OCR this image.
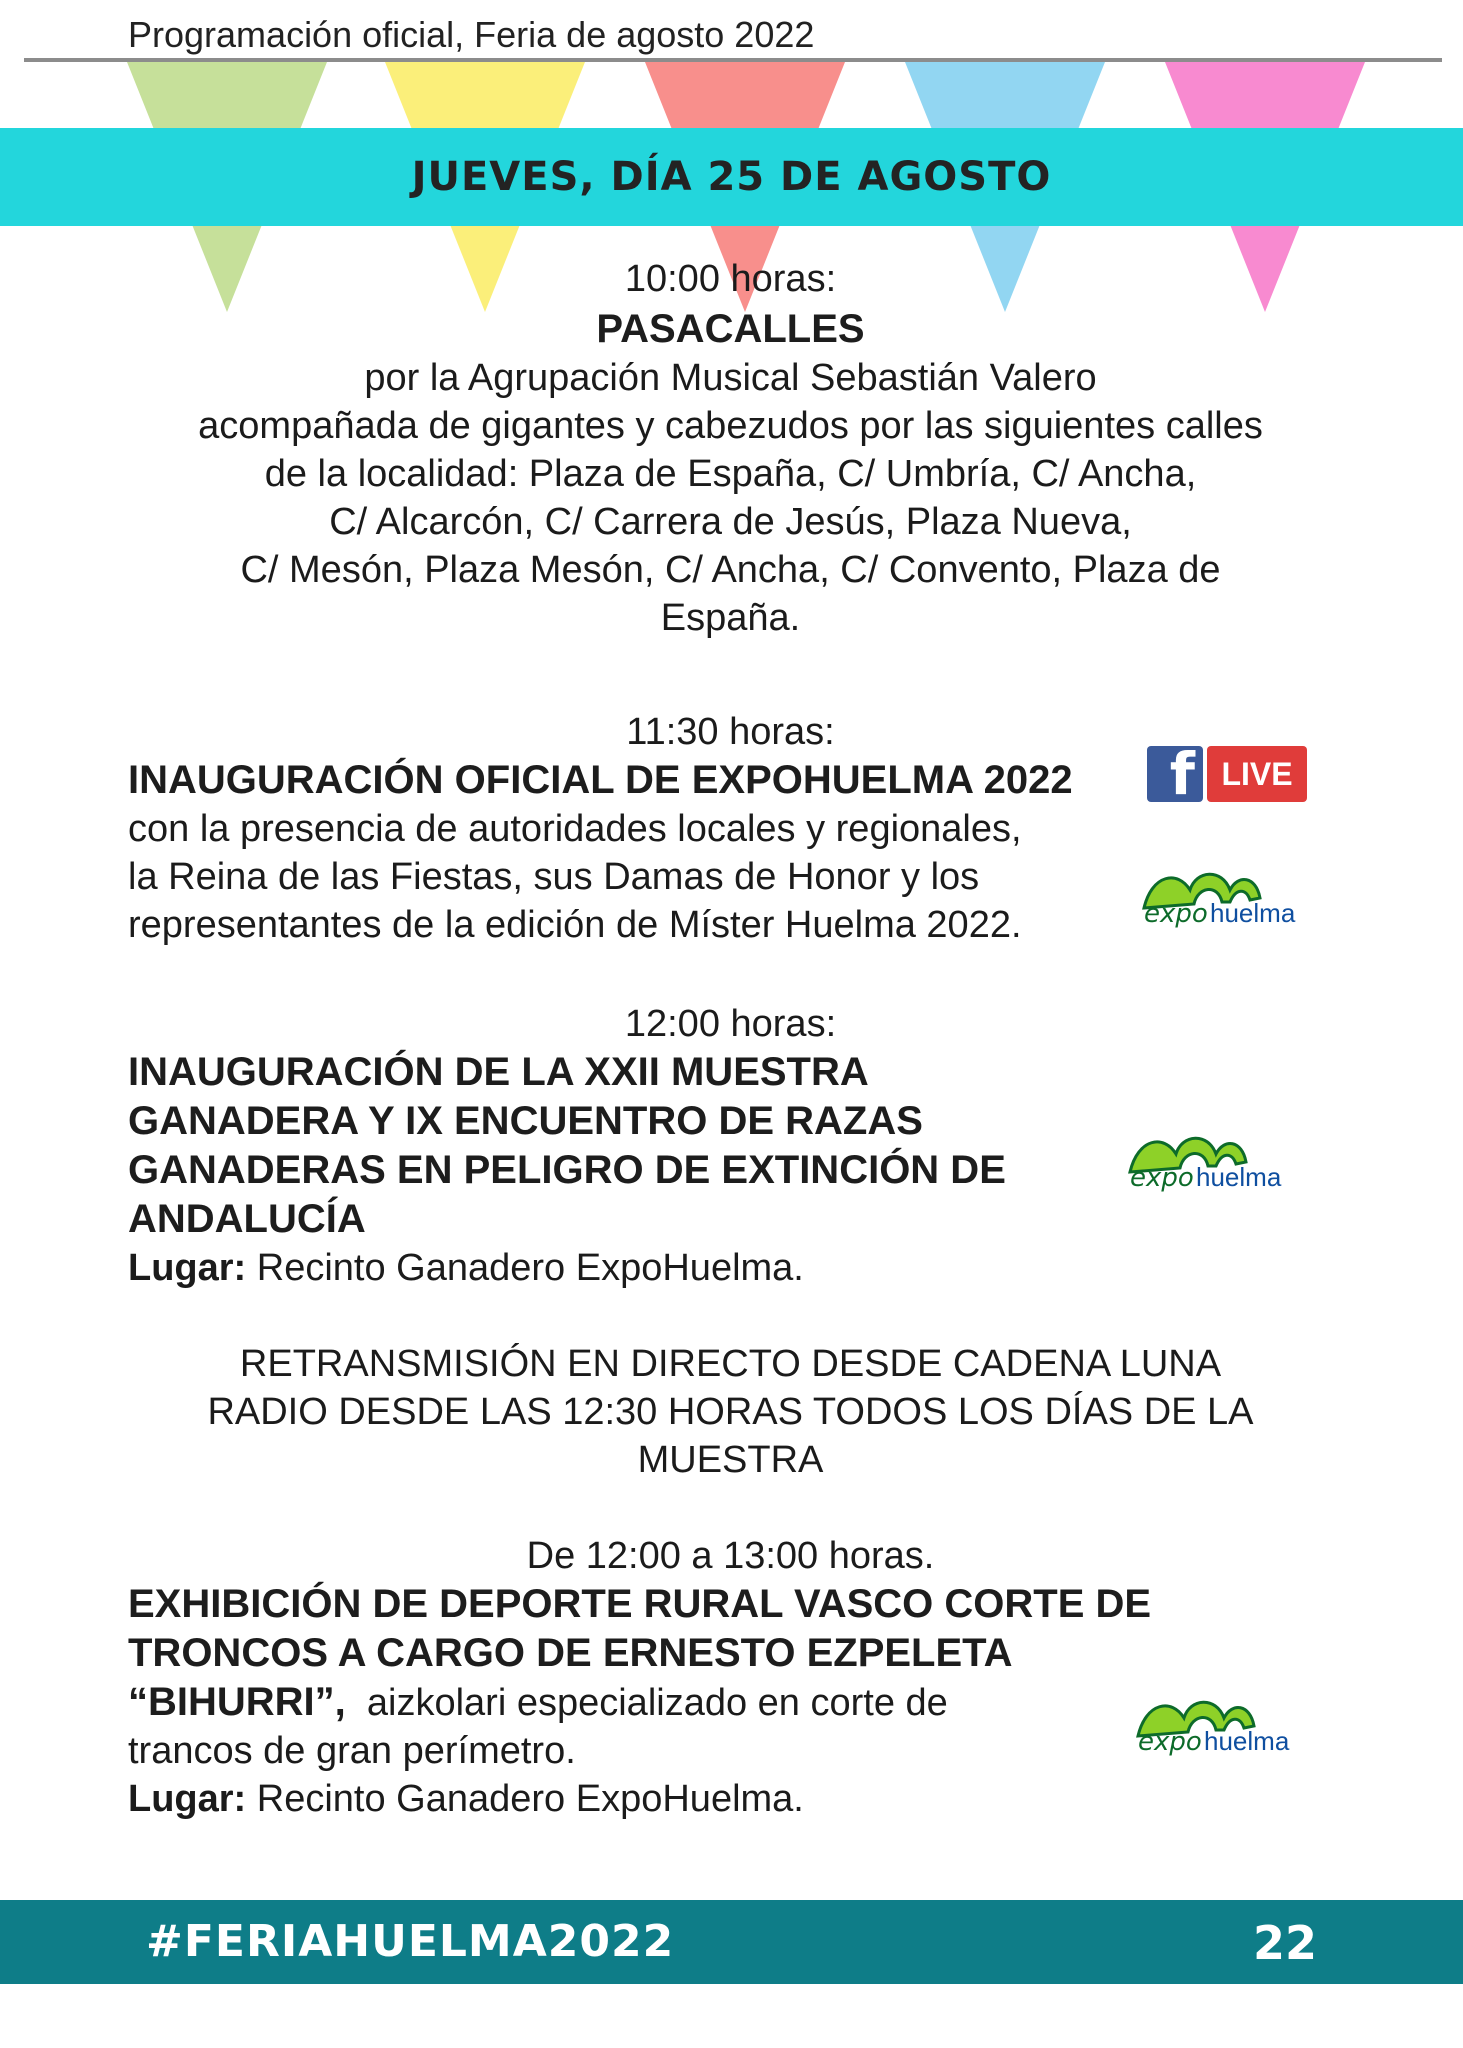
Programación oficial, Feria de agosto 2022
JUEVES, DÍA 25 DE AGOSTO
10:00 horas:
PASACALLES
por la Agrupación Musical Sebastián Valero
acompañada de gigantes y cabezudos por las siguientes calles
de la localidad: Plaza de España, C/ Umbría, C/ Ancha,
C/ Alcarcón, C/ Carrera de Jesús, Plaza Nueva,
C/ Mesón, Plaza Mesón, C/ Ancha, C/ Convento, Plaza de
España.
11:30 horas:
INAUGURACIÓN OFICIAL DE EXPOHUELMA 2022
con la presencia de autoridades locales y regionales,
la Reina de las Fiestas, sus Damas de Honor y los
representantes de la edición de Míster Huelma 2022.
f LIVE
expo huelma
12:00 horas:
INAUGURACIÓN DE LA XXII MUESTRA
GANADERA Y IX ENCUENTRO DE RAZAS
GANADERAS EN PELIGRO DE EXTINCIÓN DE
ANDALUCÍA
Lugar: Recinto Ganadero ExpoHuelma.
expo huelma
RETRANSMISIÓN EN DIRECTO DESDE CADENA LUNA
RADIO DESDE LAS 12:30 HORAS TODOS LOS DÍAS DE LA
MUESTRA
De 12:00 a 13:00 horas.
EXHIBICIÓN DE DEPORTE RURAL VASCO CORTE DE
TRONCOS A CARGO DE ERNESTO EZPELETA
“BIHURRI”,  aizkolari especializado en corte de
trancos de gran perímetro.
Lugar: Recinto Ganadero ExpoHuelma.
expo huelma
#FERIAHUELMA2022	22
